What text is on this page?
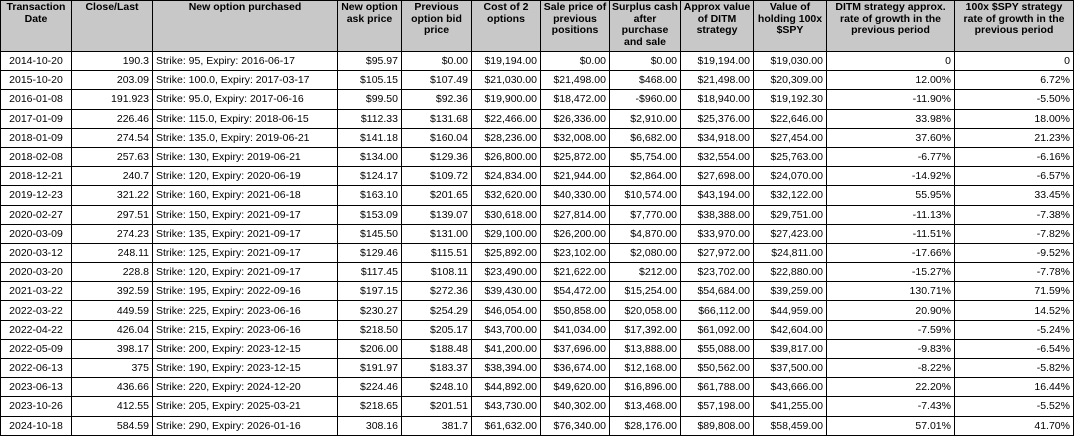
Transaction Date	Close/Last	New option purchased	New option ask price	Previous option bid price	Cost of 2 options	Sale price of previous positions	Surplus cash after purchase and sale	Approx value of DITM strategy	Value of holding 100x $SPY	DITM strategy approx. rate of growth in the previous period	100x $SPY strategy rate of growth in the previous period
2014-10-20	190.3	Strike: 95, Expiry: 2016-06-17	$95.97	$0.00	$19,194.00	$0.00	$0.00	$19,194.00	$19,030.00	0	0
2015-10-20	203.09	Strike: 100.0, Expiry: 2017-03-17	$105.15	$107.49	$21,030.00	$21,498.00	$468.00	$21,498.00	$20,309.00	12.00%	6.72%
2016-01-08	191.923	Strike: 95.0, Expiry: 2017-06-16	$99.50	$92.36	$19,900.00	$18,472.00	-$960.00	$18,940.00	$19,192.30	-11.90%	-5.50%
2017-01-09	226.46	Strike: 115.0, Expiry: 2018-06-15	$112.33	$131.68	$22,466.00	$26,336.00	$2,910.00	$25,376.00	$22,646.00	33.98%	18.00%
2018-01-09	274.54	Strike: 135.0, Expiry: 2019-06-21	$141.18	$160.04	$28,236.00	$32,008.00	$6,682.00	$34,918.00	$27,454.00	37.60%	21.23%
2018-02-08	257.63	Strike: 130, Expiry: 2019-06-21	$134.00	$129.36	$26,800.00	$25,872.00	$5,754.00	$32,554.00	$25,763.00	-6.77%	-6.16%
2018-12-21	240.7	Strike: 120, Expiry: 2020-06-19	$124.17	$109.72	$24,834.00	$21,944.00	$2,864.00	$27,698.00	$24,070.00	-14.92%	-6.57%
2019-12-23	321.22	Strike: 160, Expiry: 2021-06-18	$163.10	$201.65	$32,620.00	$40,330.00	$10,574.00	$43,194.00	$32,122.00	55.95%	33.45%
2020-02-27	297.51	Strike: 150, Expiry: 2021-09-17	$153.09	$139.07	$30,618.00	$27,814.00	$7,770.00	$38,388.00	$29,751.00	-11.13%	-7.38%
2020-03-09	274.23	Strike: 135, Expiry: 2021-09-17	$145.50	$131.00	$29,100.00	$26,200.00	$4,870.00	$33,970.00	$27,423.00	-11.51%	-7.82%
2020-03-12	248.11	Strike: 125, Expiry: 2021-09-17	$129.46	$115.51	$25,892.00	$23,102.00	$2,080.00	$27,972.00	$24,811.00	-17.66%	-9.52%
2020-03-20	228.8	Strike: 120, Expiry: 2021-09-17	$117.45	$108.11	$23,490.00	$21,622.00	$212.00	$23,702.00	$22,880.00	-15.27%	-7.78%
2021-03-22	392.59	Strike: 195, Expiry: 2022-09-16	$197.15	$272.36	$39,430.00	$54,472.00	$15,254.00	$54,684.00	$39,259.00	130.71%	71.59%
2022-03-22	449.59	Strike: 225, Expiry: 2023-06-16	$230.27	$254.29	$46,054.00	$50,858.00	$20,058.00	$66,112.00	$44,959.00	20.90%	14.52%
2022-04-22	426.04	Strike: 215, Expiry: 2023-06-16	$218.50	$205.17	$43,700.00	$41,034.00	$17,392.00	$61,092.00	$42,604.00	-7.59%	-5.24%
2022-05-09	398.17	Strike: 200, Expiry: 2023-12-15	$206.00	$188.48	$41,200.00	$37,696.00	$13,888.00	$55,088.00	$39,817.00	-9.83%	-6.54%
2022-06-13	375	Strike: 190, Expiry: 2023-12-15	$191.97	$183.37	$38,394.00	$36,674.00	$12,168.00	$50,562.00	$37,500.00	-8.22%	-5.82%
2023-06-13	436.66	Strike: 220, Expiry: 2024-12-20	$224.46	$248.10	$44,892.00	$49,620.00	$16,896.00	$61,788.00	$43,666.00	22.20%	16.44%
2023-10-26	412.55	Strike: 205, Expiry: 2025-03-21	$218.65	$201.51	$43,730.00	$40,302.00	$13,468.00	$57,198.00	$41,255.00	-7.43%	-5.52%
2024-10-18	584.59	Strike: 290, Expiry: 2026-01-16	308.16	381.7	$61,632.00	$76,340.00	$28,176.00	$89,808.00	$58,459.00	57.01%	41.70%
